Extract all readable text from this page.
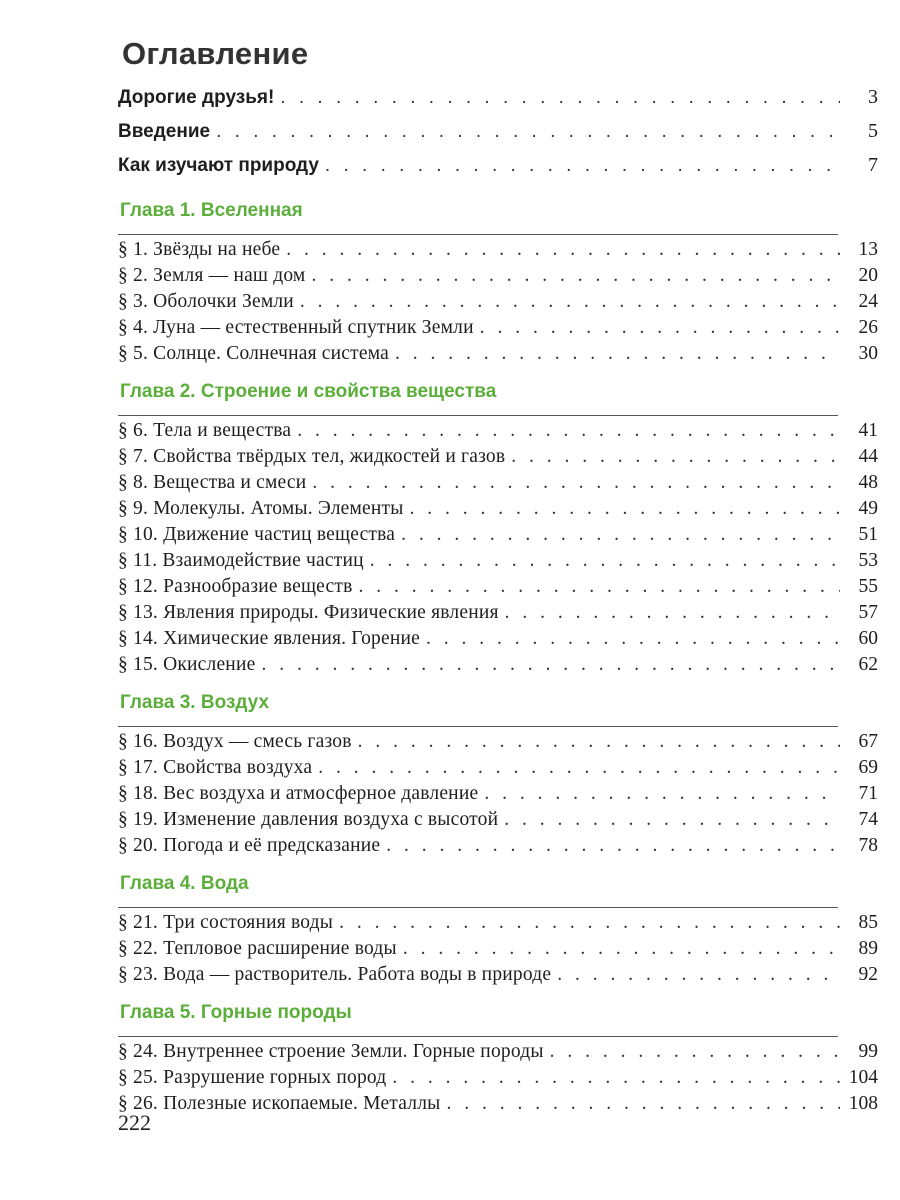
Оглавление
Дорогие друзья! . . .	3
Введение . . .	5
Как изучают природу . . .	7
Глава 1. Вселенная
§ 1. Звёзды на небе . . .	13
§ 2. Земля — наш дом . . .	20
§ 3. Оболочки Земли . . .	24
§ 4. Луна — естественный спутник Земли . . .	26
§ 5. Солнце. Солнечная система . . .	30
Глава 2. Строение и свойства вещества
§ 6. Тела и вещества . . .	41
§ 7. Свойства твёрдых тел, жидкостей и газов . . .	44
§ 8. Вещества и смеси . . .	48
§ 9. Молекулы. Атомы. Элементы . . .	49
§ 10. Движение частиц вещества . . .	51
§ 11. Взаимодействие частиц . . .	53
§ 12. Разнообразие веществ . . .	55
§ 13. Явления природы. Физические явления . . .	57
§ 14. Химические явления. Горение . . .	60
§ 15. Окисление . . .	62
Глава 3. Воздух
§ 16. Воздух — смесь газов . . .	67
§ 17. Свойства воздуха . . .	69
§ 18. Вес воздуха и атмосферное давление . . .	71
§ 19. Изменение давления воздуха с высотой . . .	74
§ 20. Погода и её предсказание . . .	78
Глава 4. Вода
§ 21. Три состояния воды . . .	85
§ 22. Тепловое расширение воды . . .	89
§ 23. Вода — растворитель. Работа воды в природе . . .	92
Глава 5. Горные породы
§ 24. Внутреннее строение Земли. Горные породы . . .	99
§ 25. Разрушение горных пород . . .	104
§ 26. Полезные ископаемые. Металлы . . .	108
222
